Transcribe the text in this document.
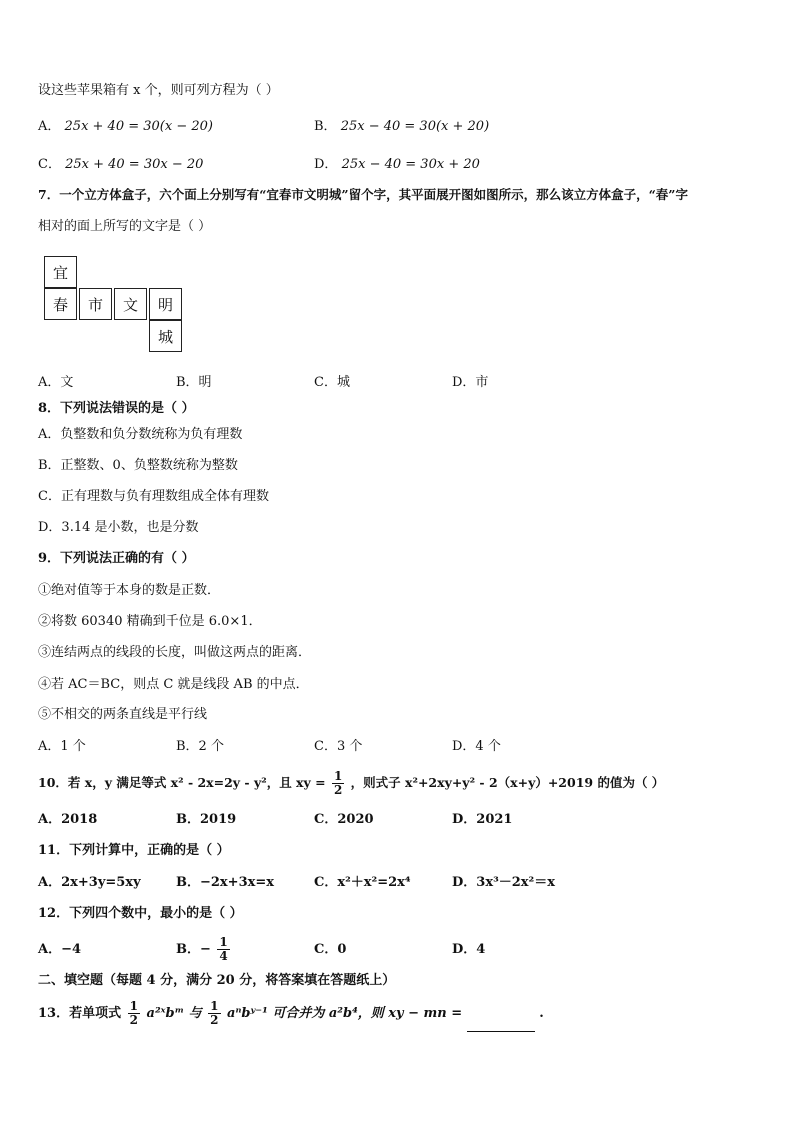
设这些苹果箱有 x 个，则可列方程为（ ）
A． 25x + 40 = 30(x − 20)	B． 25x − 40 = 30(x + 20)
C． 25x + 40 = 30x − 20	D． 25x − 40 = 30x + 20
7．一个立方体盒子，六个面上分别写有“宜春市文明城”留个字，其平面展开图如图所示，那么该立方体盒子，“春”字
相对的面上所写的文字是（ ）
宜
春	市	文	明
城
A．文	B．明	C．城	D．市
8．下列说法错误的是（ ）
A．负整数和负分数统称为负有理数
B．正整数、0、负整数统称为整数
C．正有理数与负有理数组成全体有理数
D．3.14 是小数，也是分数
9．下列说法正确的有（ ）
①绝对值等于本身的数是正数．
②将数 60340 精确到千位是 6.0×1．
③连结两点的线段的长度，叫做这两点的距离．
④若 AC＝BC，则点 C 就是线段 AB 的中点．
⑤不相交的两条直线是平行线
A．1 个	B．2 个	C．3 个	D．4 个
10．若 x，y 满足等式 x² - 2x=2y - y²，且 xy = $\frac{1}{2}$ ，则式子 x²+2xy+y² - 2（x+y）+2019 的值为（ ）
A．2018	B．2019	C．2020	D．2021
11．下列计算中，正确的是（ ）
A．2x+3y=5xy	B．−2x+3x=x	C．x²＋x²=2x⁴	D．3x³－2x²＝x
12．下列四个数中，最小的是（ ）
A．−4	B．− $\frac{1}{4}$	C．0	D．4
二、填空题（每题 4 分，满分 20 分，将答案填在答题纸上）
13．若单项式 $\frac{1}{2}$ a²ˣbᵐ 与 $\frac{1}{2}$ aⁿbʸ⁻¹ 可合并为 a²b⁴，则 xy − mn =	.
